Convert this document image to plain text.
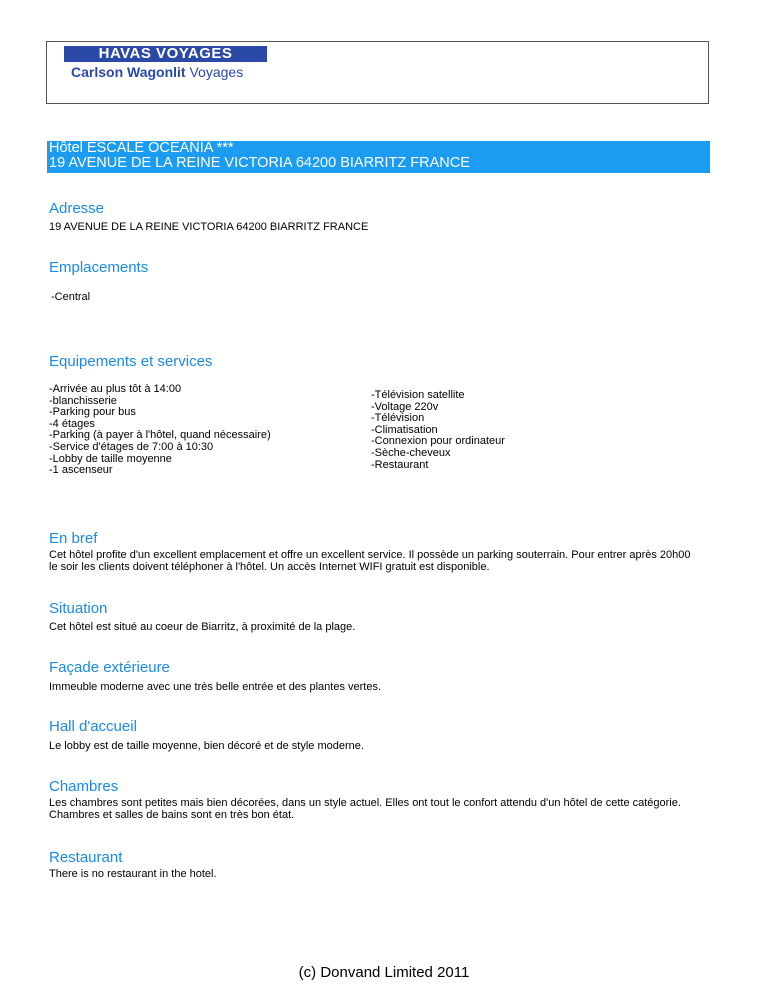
HAVAS VOYAGES
Carlson Wagonlit Voyages
Hôtel ESCALE OCEANIA ***
19 AVENUE DE LA REINE VICTORIA 64200 BIARRITZ FRANCE
Adresse

19 AVENUE DE LA REINE VICTORIA 64200 BIARRITZ FRANCE

Emplacements

-Central

Equipements et services
-Arrivée au plus tôt à 14:00
-blanchisserie
-Parking pour bus
-4 étages
-Parking (à payer à l'hôtel, quand nécessaire)
-Service d'étages de 7:00 à 10:30
-Lobby de taille moyenne
-1 ascenseur
-Télévision satellite
-Voltage 220v
-Télévision
-Climatisation
-Connexion pour ordinateur
-Sèche-cheveux
-Restaurant
En bref

Cet hôtel profite d'un excellent emplacement et offre un excellent service. Il possède un parking souterrain. Pour entrer après 20h00 le soir les clients doivent téléphoner à l'hôtel. Un accès Internet WIFI gratuit est disponible.

Situation

Cet hôtel est situé au coeur de Biarritz, à proximité de la plage.

Façade extérieure

Immeuble moderne avec une très belle entrée et des plantes vertes.

Hall d'accueil

Le lobby est de taille moyenne, bien décoré et de style moderne.

Chambres

Les chambres sont petites mais bien décorées, dans un style actuel. Elles ont tout le confort attendu d'un hôtel de cette catégorie. Chambres et salles de bains sont en très bon état.

Restaurant

There is no restaurant in the hotel.

(c) Donvand Limited 2011
